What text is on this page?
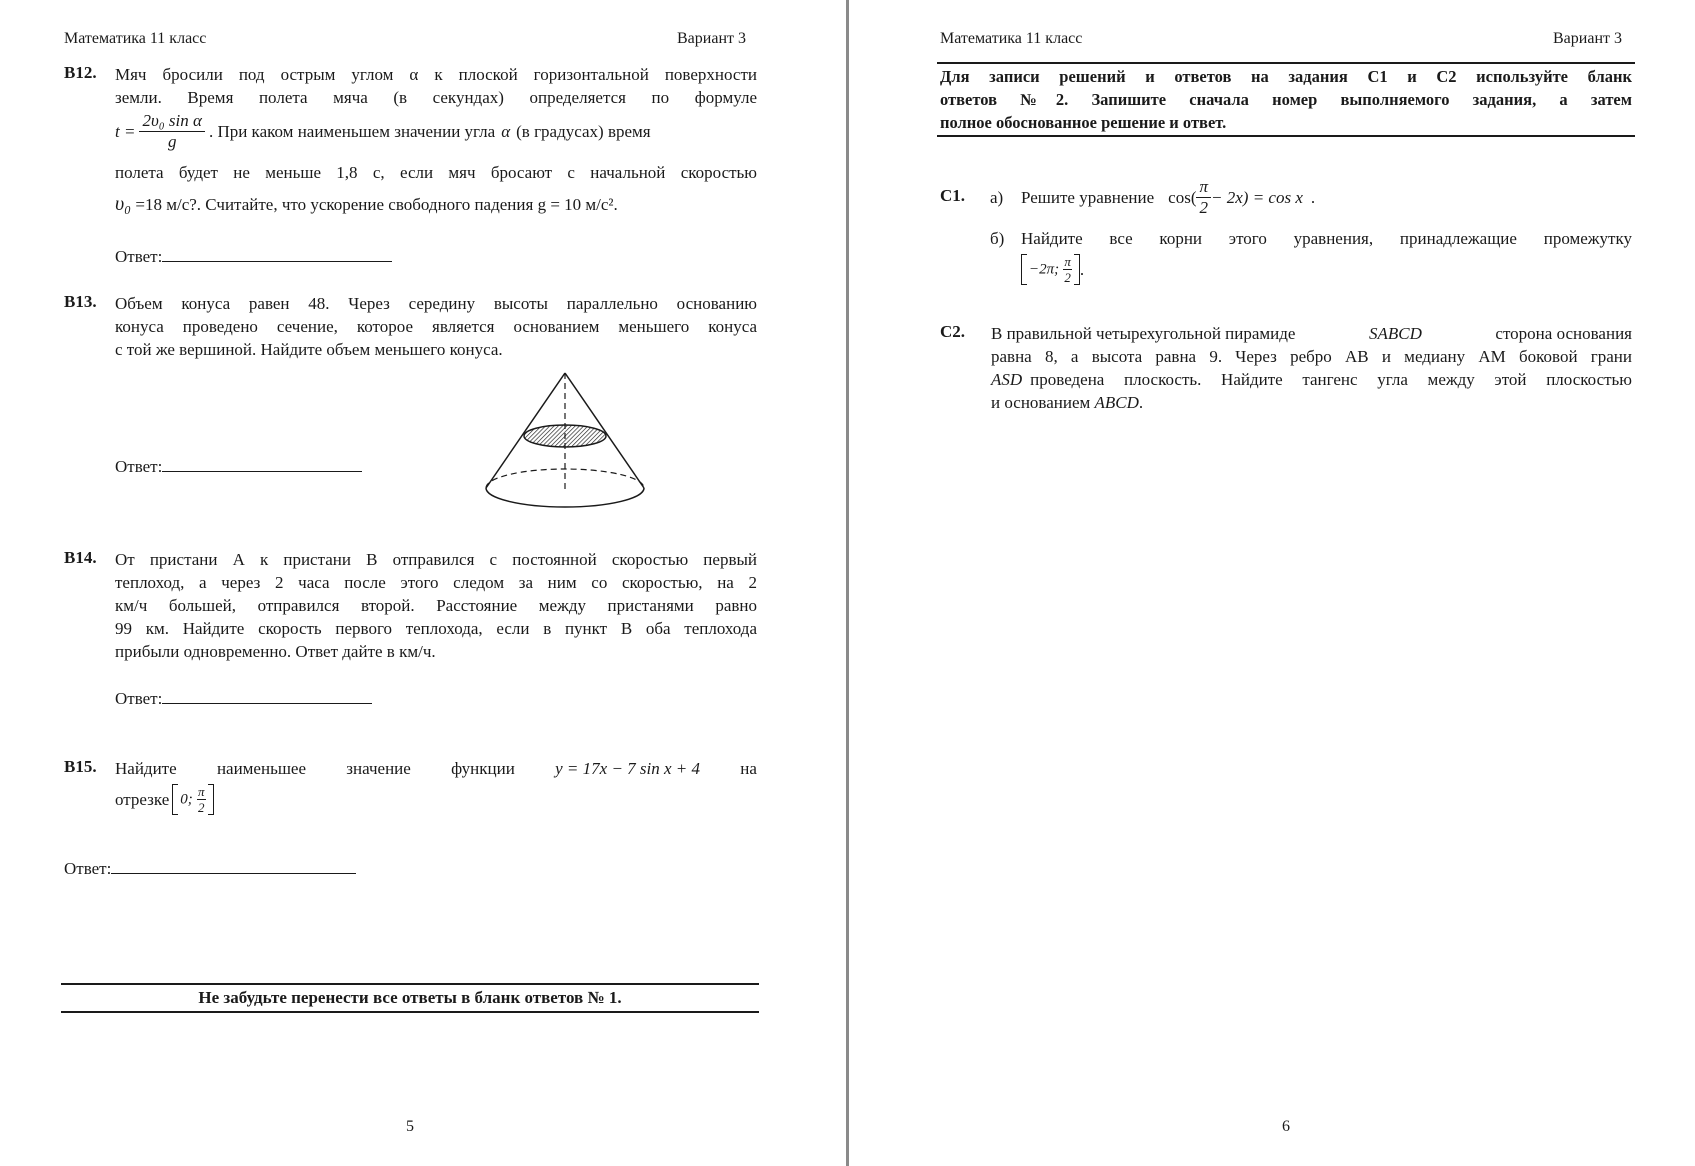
Математика 11 класс	Вариант 3
B12. Мяч бросили под острым углом α к плоской горизонтальной поверхности
земли. Время полета мяча (в секундах) определяется по формуле
$t = \frac{\text{2υ₀ sin α}}{g}$ . При каком наименьшем значении угла α (в градусах) время
полета будет не меньше 1,8 с, если мяч бросают с начальной скоростью
υ₀ =18 м/с?. Считайте, что ускорение свободного падения g = 10 м/с².
Ответ:
B13. Объем конуса равен 48. Через середину высоты параллельно основанию
конуса проведено сечение, которое является основанием меньшего конуса
с той же вершиной. Найдите объем меньшего конуса.
Ответ:
B14. От пристани А к пристани В отправился с постоянной скоростью первый
теплоход, а через 2 часа после этого следом за ним со скоростью, на 2
км/ч большей, отправился второй. Расстояние между пристанями равно
99 км. Найдите скорость первого теплохода, если в пункт В оба теплохода
прибыли одновременно. Ответ дайте в км/ч.
Ответ:
B15. Найдите наименьшее значение функции y = 17x − 7 sin x + 4 на
отрезке 0; $\frac{\pi}{2}$
Ответ:
Не забудьте перенести все ответы в бланк ответов № 1.
5
Математика 11 класс	Вариант 3
Для записи решений и ответов на задания С1 и С2 используйте бланк
ответов №2. Запишите сначала номер выполняемого задания, а затем
полное обоснованное решение и ответ.
С1. а) Решите уравнение $\cos( \frac{\pi}{2} - 2x) = \cos x$ .
б) Найдите все корни этого уравнения, принадлежащие промежутку
−2π; $\frac{\pi}{2}$ .
С2. В правильной четырехугольной пирамиде	SABCD	сторона основания
равна 8, а высота равна 9. Через ребро AB и медиану AM боковой грани
ASD проведена плоскость. Найдите тангенс угла между этой плоскостью
и основанием ABCD.
6
